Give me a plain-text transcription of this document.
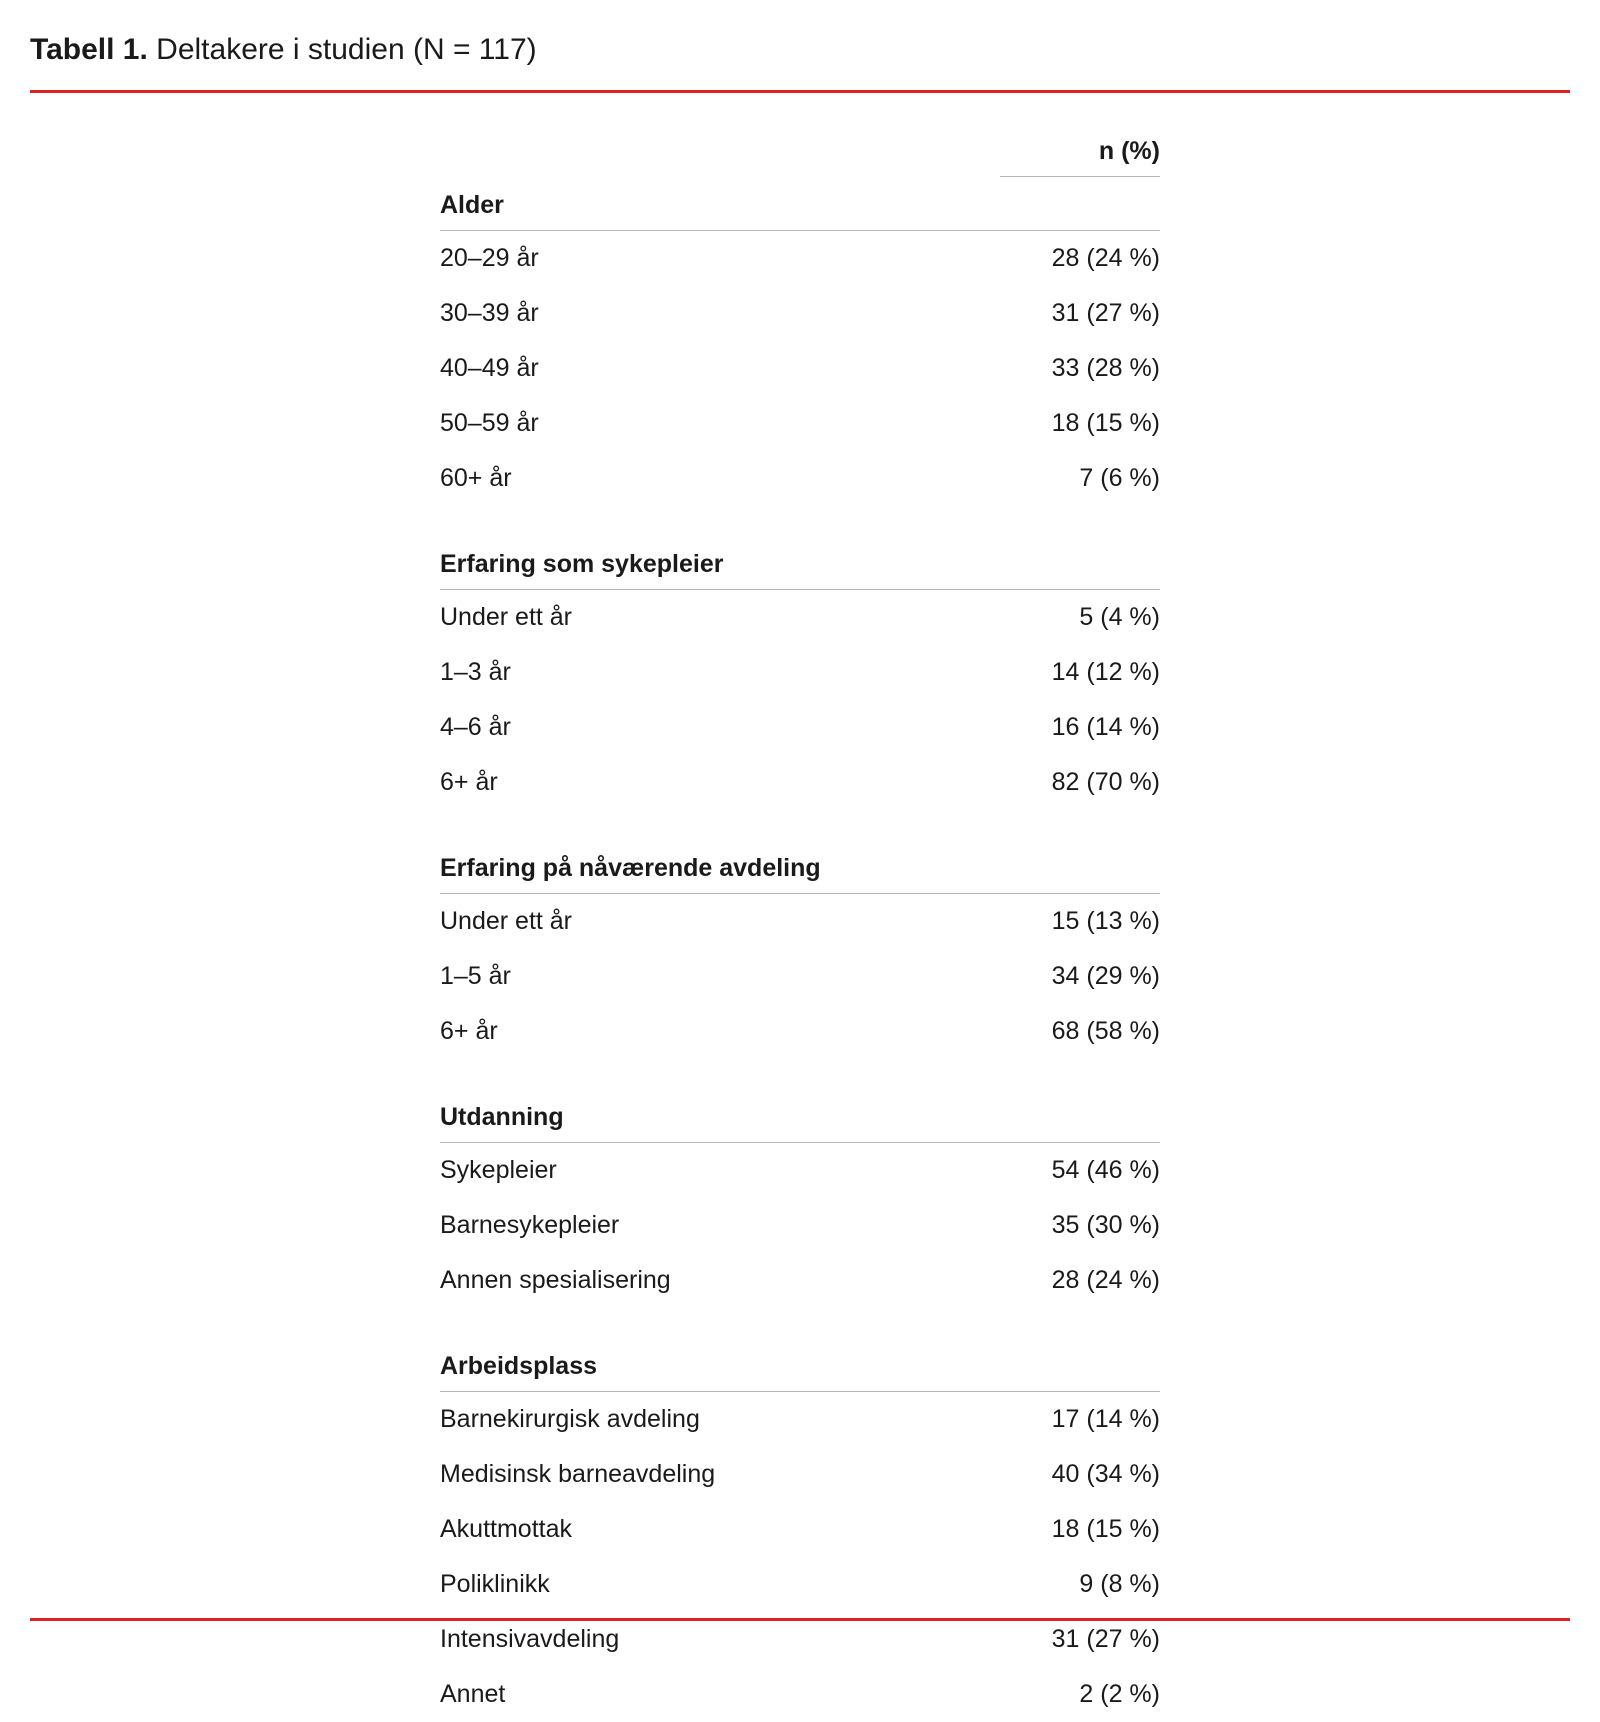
Tabell 1. Deltakere i studien (N = 117)
	n (%)
Alder	
20–29 år	28 (24 %)
30–39 år	31 (27 %)
40–49 år	33 (28 %)
50–59 år	18 (15 %)
60+ år	7 (6 %)

Erfaring som sykepleier	
Under ett år	5 (4 %)
1–3 år	14 (12 %)
4–6 år	16 (14 %)
6+ år	82 (70 %)

Erfaring på nåværende avdeling	
Under ett år	15 (13 %)
1–5 år	34 (29 %)
6+ år	68 (58 %)

Utdanning	
Sykepleier	54 (46 %)
Barnesykepleier	35 (30 %)
Annen spesialisering	28 (24 %)

Arbeidsplass	
Barnekirurgisk avdeling	17 (14 %)
Medisinsk barneavdeling	40 (34 %)
Akuttmottak	18 (15 %)
Poliklinikk	9 (8 %)
Intensivavdeling	31 (27 %)
Annet	2 (2 %)
